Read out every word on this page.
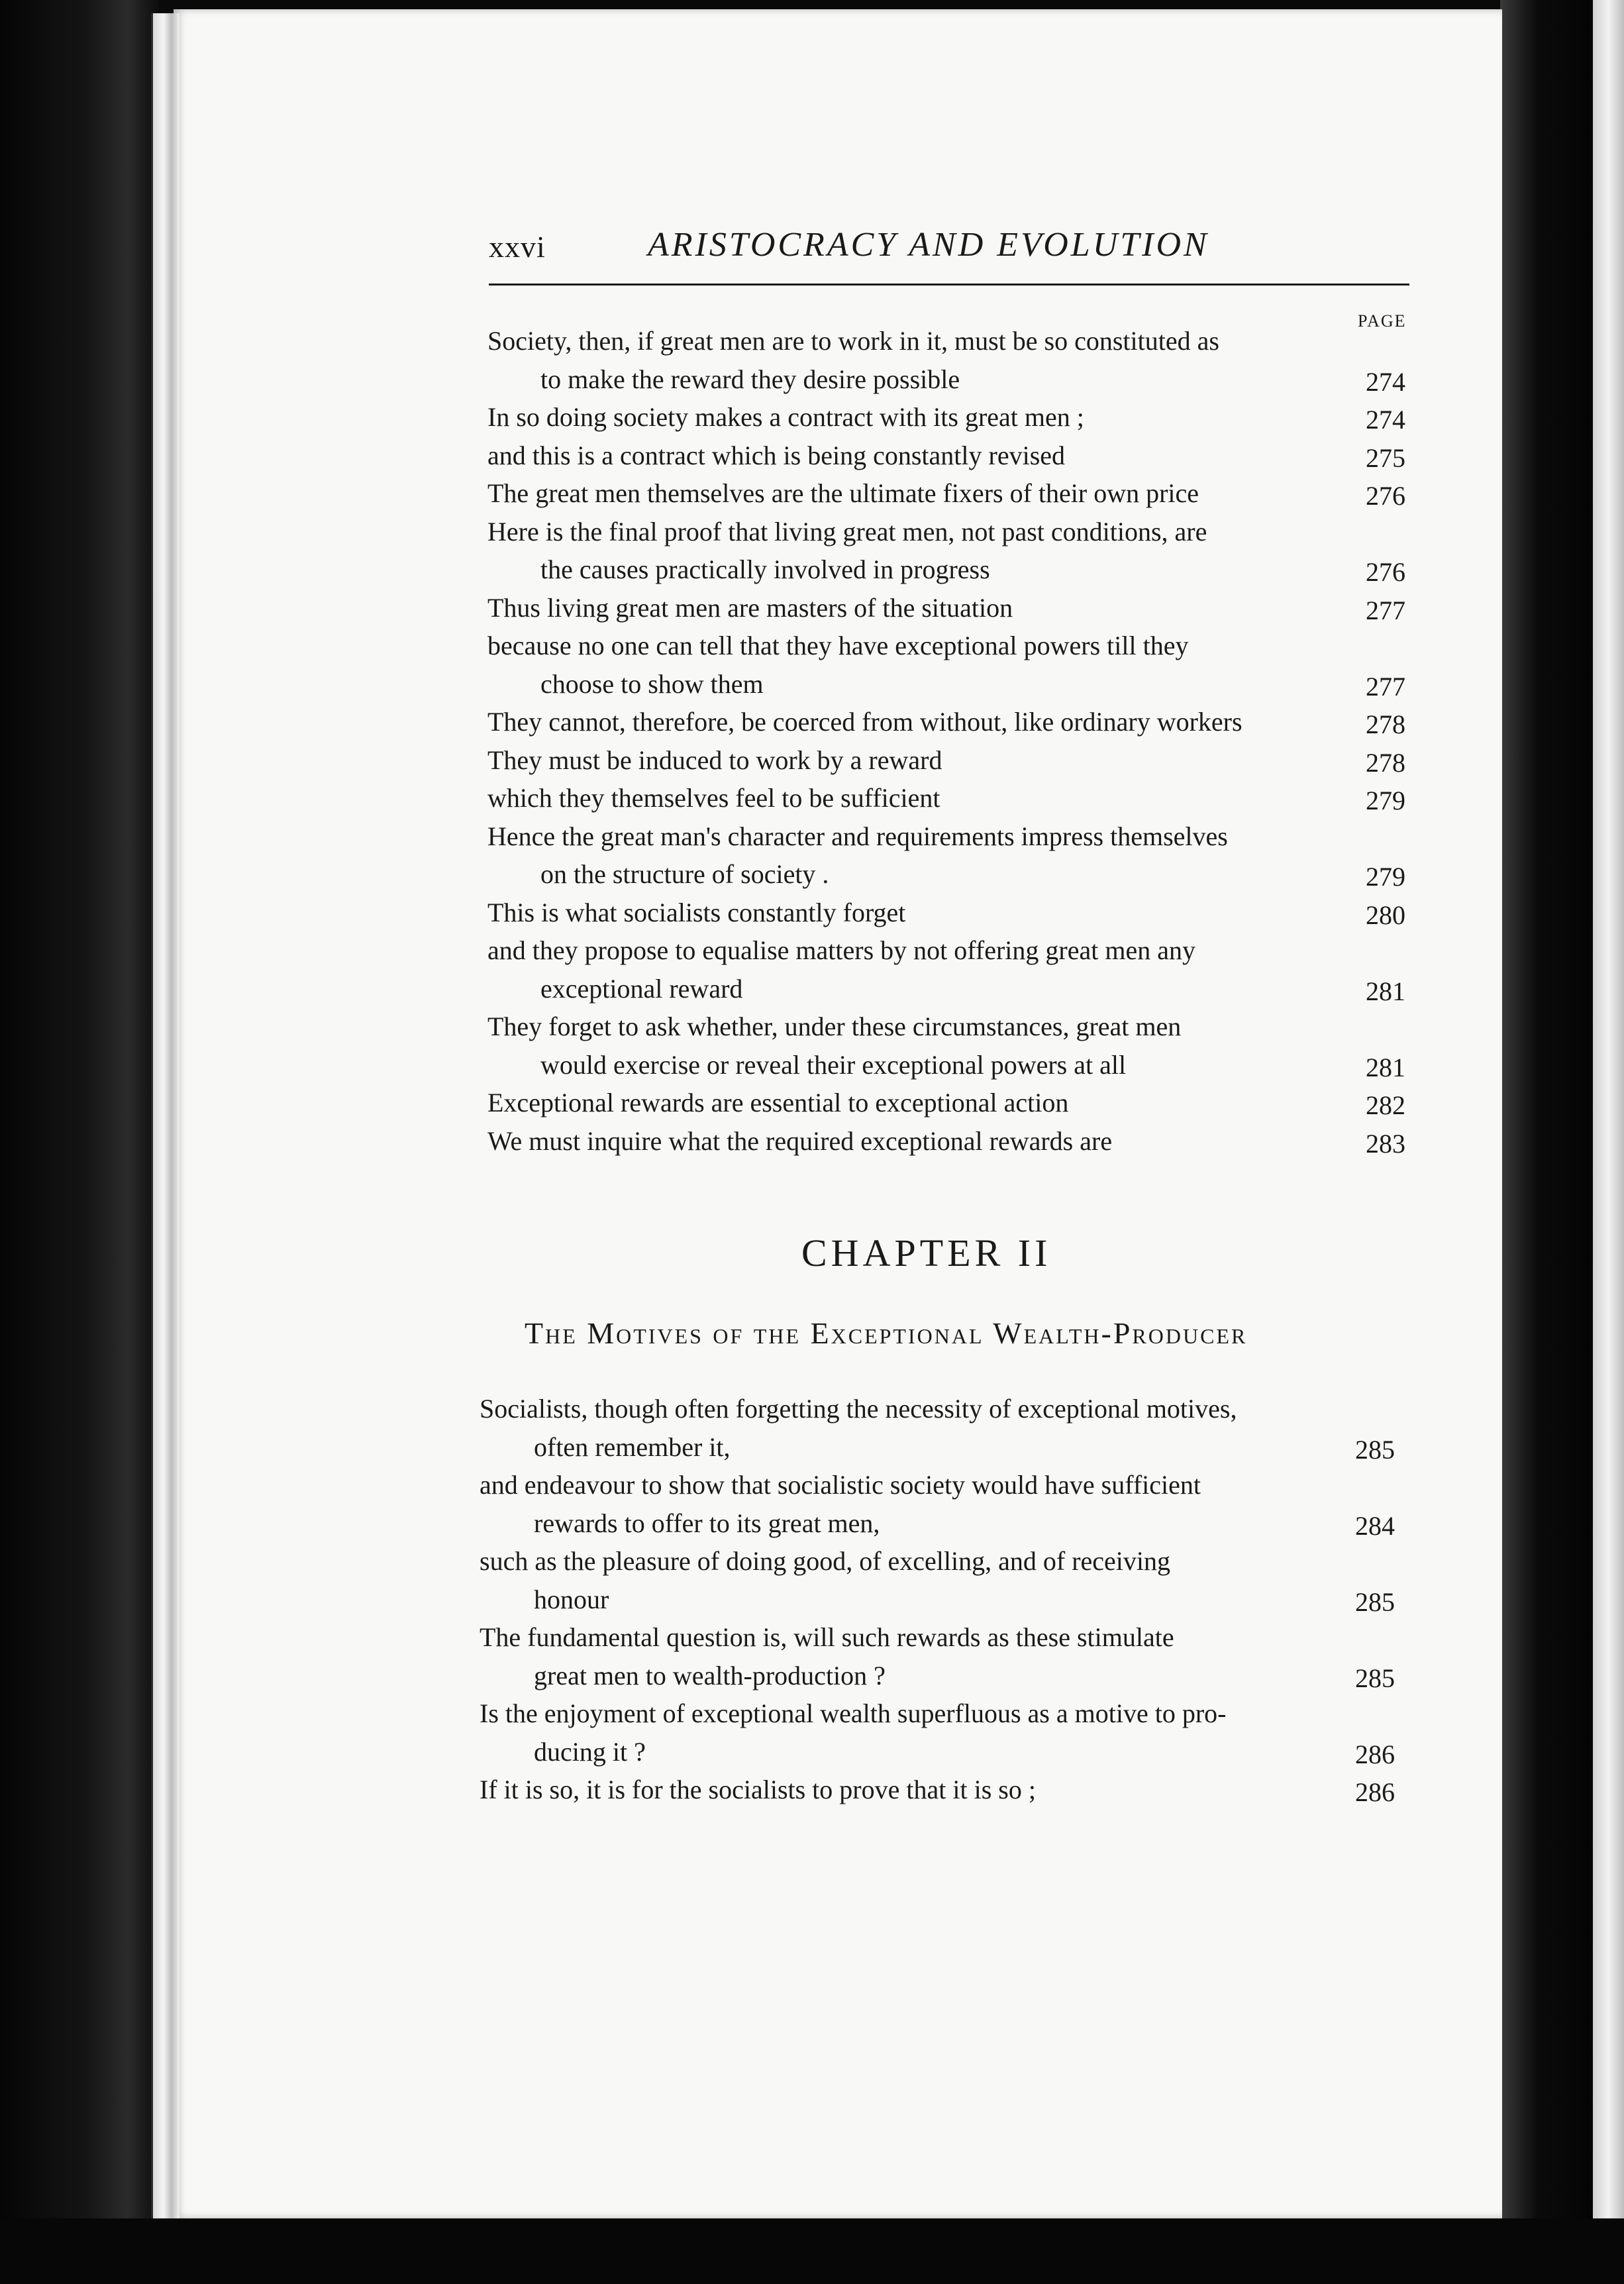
xxvi	ARISTOCRACY AND EVOLUTION
PAGE
Society, then, if great men are to work in it, must be so constituted as
to make the reward they desire possible	274
In so doing society makes a contract with its great men ;	274
and this is a contract which is being constantly revised	275
The great men themselves are the ultimate fixers of their own price	276
Here is the final proof that living great men, not past conditions, are
the causes practically involved in progress	276
Thus living great men are masters of the situation	277
because no one can tell that they have exceptional powers till they
choose to show them	277
They cannot, therefore, be coerced from without, like ordinary workers	278
They must be induced to work by a reward	278
which they themselves feel to be sufficient	279
Hence the great man's character and requirements impress themselves
on the structure of society .	279
This is what socialists constantly forget	280
and they propose to equalise matters by not offering great men any
exceptional reward	281
They forget to ask whether, under these circumstances, great men
would exercise or reveal their exceptional powers at all	281
Exceptional rewards are essential to exceptional action	282
We must inquire what the required exceptional rewards are	283
Socialists, though often forgetting the necessity of exceptional motives,
often remember it,	285
and endeavour to show that socialistic society would have sufficient
rewards to offer to its great men,	284
such as the pleasure of doing good, of excelling, and of receiving
honour	285
The fundamental question is, will such rewards as these stimulate
great men to wealth-production ?	285
Is the enjoyment of exceptional wealth superfluous as a motive to pro-
ducing it ?	286
If it is so, it is for the socialists to prove that it is so ;	286
CHAPTER II
The Motives of the Exceptional Wealth-Producer
